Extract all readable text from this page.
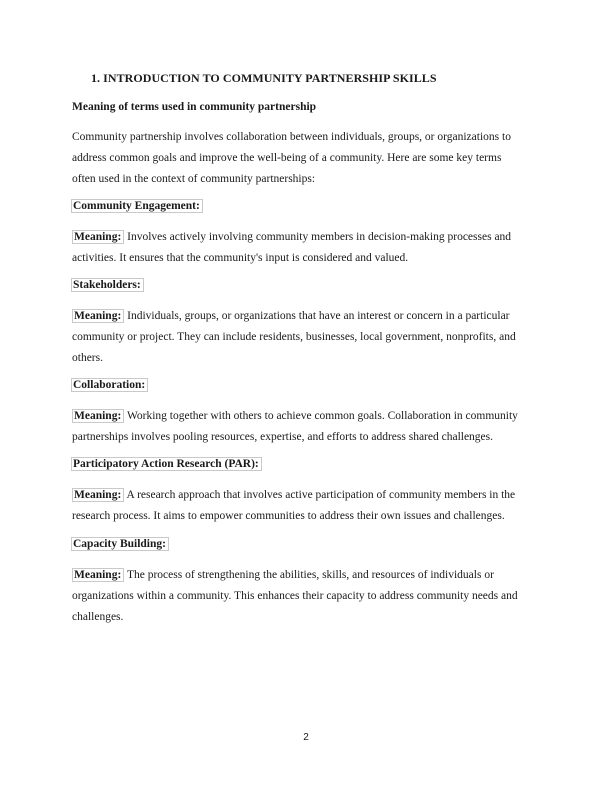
1. INTRODUCTION TO COMMUNITY PARTNERSHIP SKILLS
Meaning of terms used in community partnership
Community partnership involves collaboration between individuals, groups, or organizations to
address common goals and improve the well-being of a community. Here are some key terms
often used in the context of community partnerships:
Community Engagement:
Meaning: Involves actively involving community members in decision-making processes and
activities. It ensures that the community's input is considered and valued.
Stakeholders:
Meaning: Individuals, groups, or organizations that have an interest or concern in a particular
community or project. They can include residents, businesses, local government, nonprofits, and
others.
Collaboration:
Meaning: Working together with others to achieve common goals. Collaboration in community
partnerships involves pooling resources, expertise, and efforts to address shared challenges.
Participatory Action Research (PAR):
Meaning: A research approach that involves active participation of community members in the
research process. It aims to empower communities to address their own issues and challenges.
Capacity Building:
Meaning: The process of strengthening the abilities, skills, and resources of individuals or
organizations within a community. This enhances their capacity to address community needs and
challenges.
2
